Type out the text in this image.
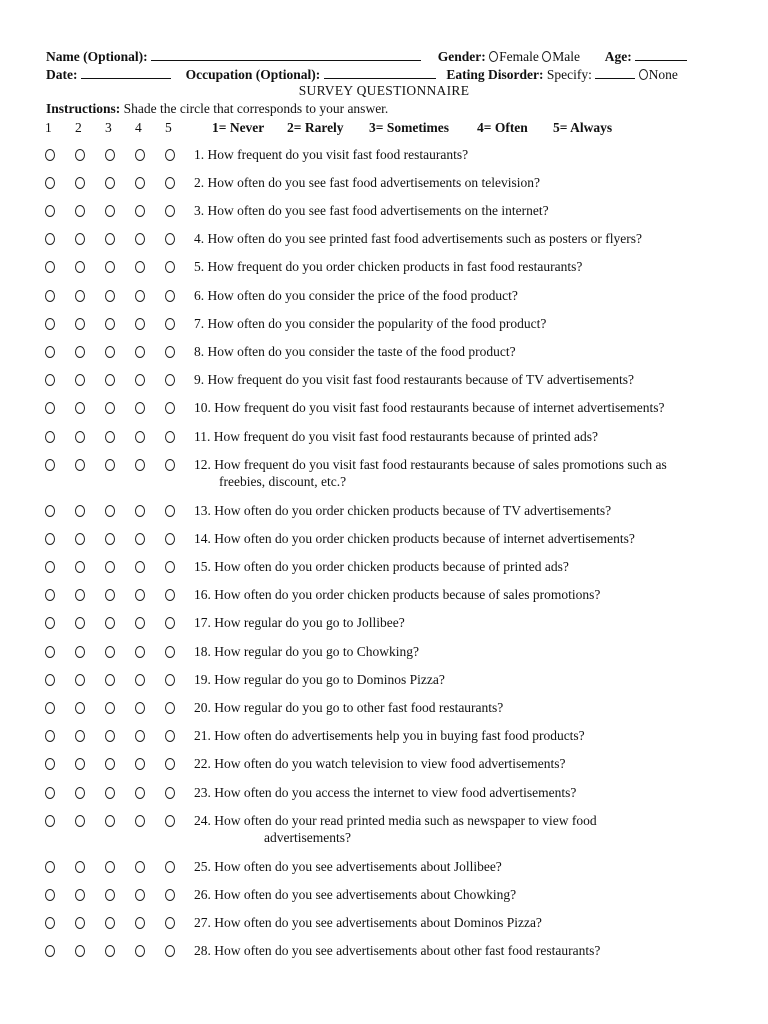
Name (Optional):	Gender: Female Male Age:
Date:	Occupation (Optional):	Eating Disorder: Specify:	None
SURVEY QUESTIONNAIRE
Instructions: Shade the circle that corresponds to your answer.
1 2 3 4 5	1= Never 2= Rarely 3= Sometimes 4= Often 5= Always
1. How frequent do you visit fast food restaurants?
2. How often do you see fast food advertisements on television?
3. How often do you see fast food advertisements on the internet?
4. How often do you see printed fast food advertisements such as posters or flyers?
5. How frequent do you order chicken products in fast food restaurants?
6. How often do you consider the price of the food product?
7. How often do you consider the popularity of the food product?
8. How often do you consider the taste of the food product?
9. How frequent do you visit fast food restaurants because of TV advertisements?
10. How frequent do you visit fast food restaurants because of internet advertisements?
11. How frequent do you visit fast food restaurants because of printed ads?
12. How frequent do you visit fast food restaurants because of sales promotions such as
freebies, discount, etc.?
13. How often do you order chicken products because of TV advertisements?
14. How often do you order chicken products because of internet advertisements?
15. How often do you order chicken products because of printed ads?
16. How often do you order chicken products because of sales promotions?
17. How regular do you go to Jollibee?
18. How regular do you go to Chowking?
19. How regular do you go to Dominos Pizza?
20. How regular do you go to other fast food restaurants?
21. How often do advertisements help you in buying fast food products?
22. How often do you watch television to view food advertisements?
23. How often do you access the internet to view food advertisements?
24. How often do your read printed media such as newspaper to view food
advertisements?
25. How often do you see advertisements about Jollibee?
26. How often do you see advertisements about Chowking?
27. How often do you see advertisements about Dominos Pizza?
28. How often do you see advertisements about other fast food restaurants?
